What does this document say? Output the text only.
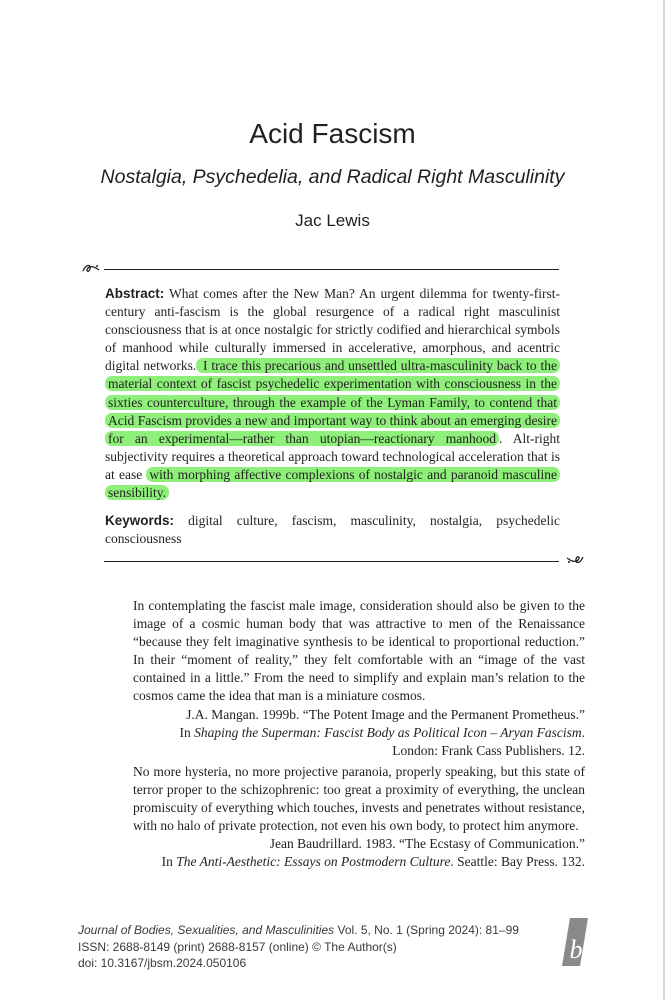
Acid Fascism
Nostalgia, Psychedelia, and Radical Right Masculinity
Jac Lewis
Abstract: What comes after the New Man? An urgent dilemma for twenty-first-century anti-fascism is the global resurgence of a radical right masculinist consciousness that is at once nostalgic for strictly codified and hierarchical symbols of manhood while culturally immersed in accelerative, amorphous, and acentric digital networks. I trace this precarious and unsettled ultra-masculinity back to the material context of fascist psychedelic experimentation with consciousness in the sixties counterculture, through the example of the Lyman Family, to contend that Acid Fascism provides a new and important way to think about an emerging desire for an experimental—rather than utopian—reactionary manhood . Alt-right subjectivity requires a theoretical approach toward technological acceleration that is at ease with morphing affective complexions of nostalgic and paranoid masculine sensibility.
Keywords: digital culture, fascism, masculinity, nostalgia, psychedelic consciousness

In contemplating the fascist male image, consideration should also be given to the image of a cosmic human body that was attractive to men of the Renaissance “because they felt imaginative synthesis to be identical to proportional reduction.” In their “moment of reality,” they felt comfortable with an “image of the vast contained in a little.” From the need to simplify and explain man’s relation to the cosmos came the idea that man is a miniature cosmos.

J.A. Mangan. 1999b. “The Potent Image and the Permanent Prometheus.”

In Shaping the Superman: Fascist Body as Political Icon – Aryan Fascism.

London: Frank Cass Publishers. 12.

No more hysteria, no more projective paranoia, properly speaking, but this state of terror proper to the schizophrenic: too great a proximity of everything, the unclean promiscuity of everything which touches, invests and penetrates without resistance, with no halo of private protection, not even his own body, to protect him anymore.

Jean Baudrillard. 1983. “The Ecstasy of Communication.”

In The Anti-Aesthetic: Essays on Postmodern Culture. Seattle: Bay Press. 132.

Journal of Bodies, Sexualities, and Masculinities Vol. 5, No. 1 (Spring 2024): 81–99
ISSN: 2688-8149 (print) 2688-8157 (online) © The Author(s)
doi: 10.3167/jbsm.2024.050106	b
